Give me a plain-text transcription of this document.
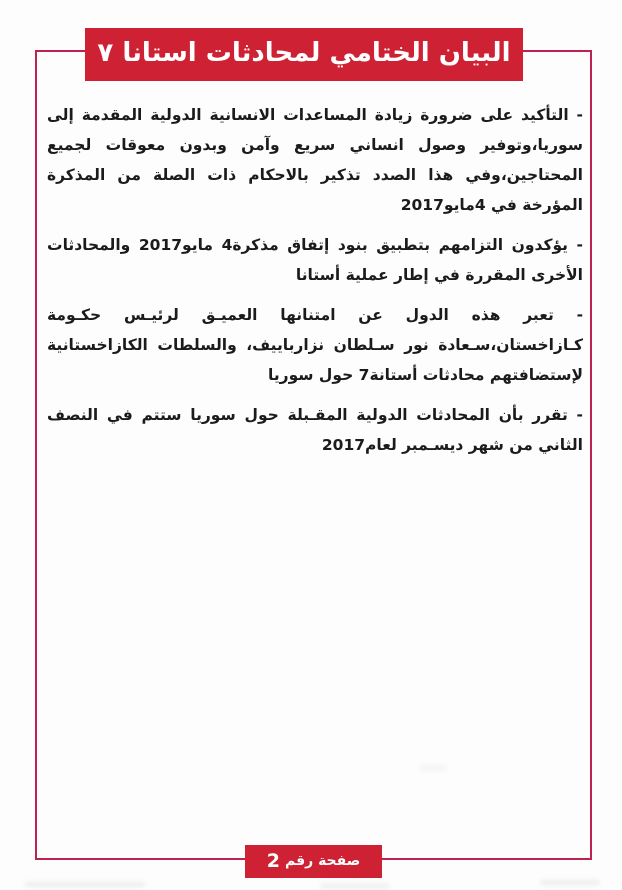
البيان الختامي لمحادثات استانا ٧

- التأكيد على ضرورة زيادة المساعدات الانسانية الدولية المقدمة إلى سوريا،وتوفير وصول انساني سريع وآمن وبدون معوقات لجميع المحتاجين،وفي هذا الصدد تذكير بالاحكام ذات الصلة من المذكرة المؤرخة في 4مايو2017

- يؤكدون التزامهم بتطبيق بنود إتفاق مذكرة4 مايو2017 والمحادثات الأخرى المقررة في إطار عملية أستانا

- تعبر هذه الدول عن امتنانها العميـق لرئيـس حكـومة كـازاخستان،سـعادة نور سـلطان نزارباييف، والسلطات الكازاخستانية لإستضافتهم محادثات أستانة7 حول سوريا

- تقرر بأن المحادثات الدولية المقـبلة حول سوريا ستتم في النصف الثاني من شهر ديسـمبر لعام2017

صفحة رقم
2
